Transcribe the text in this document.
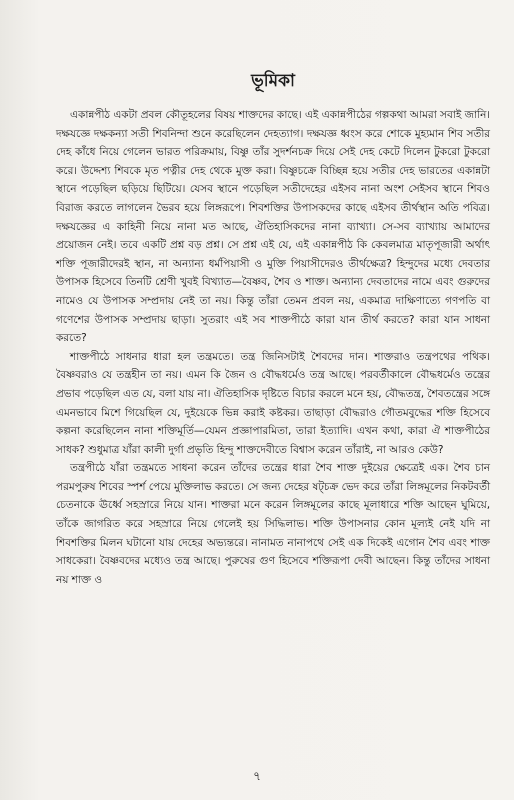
ভূমিকা

একান্নপীঠ একটা প্রবল কৌতূহলের বিষয় শাক্তদের কাছে। এই একান্নপীঠের গল্পকথা আমরা সবাই জানি। দক্ষযজ্ঞে দক্ষকন্যা সতী শিবনিন্দা শুনে করেছিলেন দেহত্যাগ। দক্ষযজ্ঞ ধ্বংস করে শোকে মুহ্যমান শিব সতীর দেহ কাঁধে নিয়ে গেলেন ভারত পরিক্রমায়, বিষ্ণু তাঁর সুদর্শনচক্র দিয়ে সেই দেহ কেটে দিলেন টুকরো টুকরো করে। উদ্দেশ্য শিবকে মৃত পত্নীর দেহ থেকে মুক্ত করা। বিষ্ণুচক্রে বিচ্ছিন্ন হয়ে সতীর দেহ ভারতের একান্নটা স্থানে পড়েছিল ছড়িয়ে ছিটিয়ে। যেসব স্থানে পড়েছিল সতীদেহের এইসব নানা অংশ সেইসব স্থানে শিবও বিরাজ করতে লাগলেন ভৈরব হয়ে লিঙ্গরূপে। শিবশক্তির উপাসকদের কাছে এইসব তীর্থস্থান অতি পবিত্র। দক্ষযজ্ঞের এ কাহিনী নিয়ে নানা মত আছে, ঐতিহাসিকদের নানা ব্যাখ্যা। সে-সব ব্যাখ্যায় আমাদের প্রয়োজন নেই। তবে একটি প্রশ্ন বড় প্রশ্ন। সে প্রশ্ন এই যে, এই একান্নপীঠ কি কেবলমাত্র মাতৃপূজারী অর্থাৎ শক্তি পূজারীদেরই স্থান, না অন্যান্য ধর্মপিয়াসী ও মুক্তি পিয়াসীদেরও তীর্থক্ষেত্র? হিন্দুদের মধ্যে দেবতার উপাসক হিসেবে তিনটি শ্রেণী খুবই বিখ্যাত—বৈষ্ণব, শৈব ও শাক্ত। অন্যান্য দেবতাদের নামে এবং গুরুদের নামেও যে উপাসক সম্প্রদায় নেই তা নয়। কিন্তু তাঁরা তেমন প্রবল নয়, একমাত্র দাক্ষিণাত্যে গণপতি বা গণেশের উপাসক সম্প্রদায় ছাড়া। সুতরাং এই সব শাক্তপীঠে কারা যান তীর্থ করতে? কারা যান সাধনা করতে?

শাক্তপীঠে সাধনার ধারা হল তন্ত্রমতে। তন্ত্র জিনিসটাই শৈবদের দান। শাক্তরাও তন্ত্রপথের পথিক। বৈষ্ণবরাও যে তন্ত্রহীন তা নয়। এমন কি জৈন ও বৌদ্ধধর্মেও তন্ত্র আছে। পরবর্তীকালে বৌদ্ধধর্মেও তন্ত্রের প্রভাব পড়েছিল এত যে, বলা যায় না। ঐতিহাসিক দৃষ্টিতে বিচার করলে মনে হয়, বৌদ্ধতন্ত্র, শৈবতন্ত্রের সঙ্গে এমনভাবে মিশে গিয়েছিল যে, দুইয়েকে ভিন্ন করাই কষ্টকর। তাছাড়া বৌদ্ধরাও গৌতমবুদ্ধের শক্তি হিসেবে কল্পনা করেছিলেন নানা শক্তিমূর্তি—যেমন প্রজ্ঞাপারমিতা, তারা ইত্যাদি। এখন কথা, কারা ঐ শাক্তপীঠের সাধক? শুধুমাত্র যাঁরা কালী দুর্গা প্রভৃতি হিন্দু শাক্তদেবীতে বিশ্বাস করেন তাঁরাই, না আরও কেউ?

তন্ত্রপীঠে যাঁরা তন্ত্রমতে সাধনা করেন তাঁদের তন্ত্রের ধারা শৈব শাক্ত দুইয়ের ক্ষেত্রেই এক। শৈব চান পরমপুরুষ শিবের স্পর্শ পেয়ে মুক্তিলাভ করতে। সে জন্য দেহের ষট্‌চক্র ভেদ করে তাঁরা লিঙ্গমূলের নিকটবর্তী চেতনাকে ঊর্ধ্বে সহস্রারে নিয়ে যান। শাক্তরা মনে করেন লিঙ্গমূলের কাছে মূলাধারে শক্তি আছেন ঘুমিয়ে, তাঁকে জাগরিত করে সহস্রারে নিয়ে গেলেই হয় সিদ্ধিলাভ। শক্তি উপাসনার কোন মূল্যই নেই যদি না শিবশক্তির মিলন ঘটানো যায় দেহের অভ্যন্তরে। নানামত নানাপথে সেই এক দিকেই এগোন শৈব এবং শাক্ত সাধকেরা। বৈষ্ণবদের মধ্যেও তন্ত্র আছে। পুরুষের গুণ হিসেবে শক্তিরূপা দেবী আছেন। কিন্তু তাঁদের সাধনা নয় শাক্ত ও

৭
